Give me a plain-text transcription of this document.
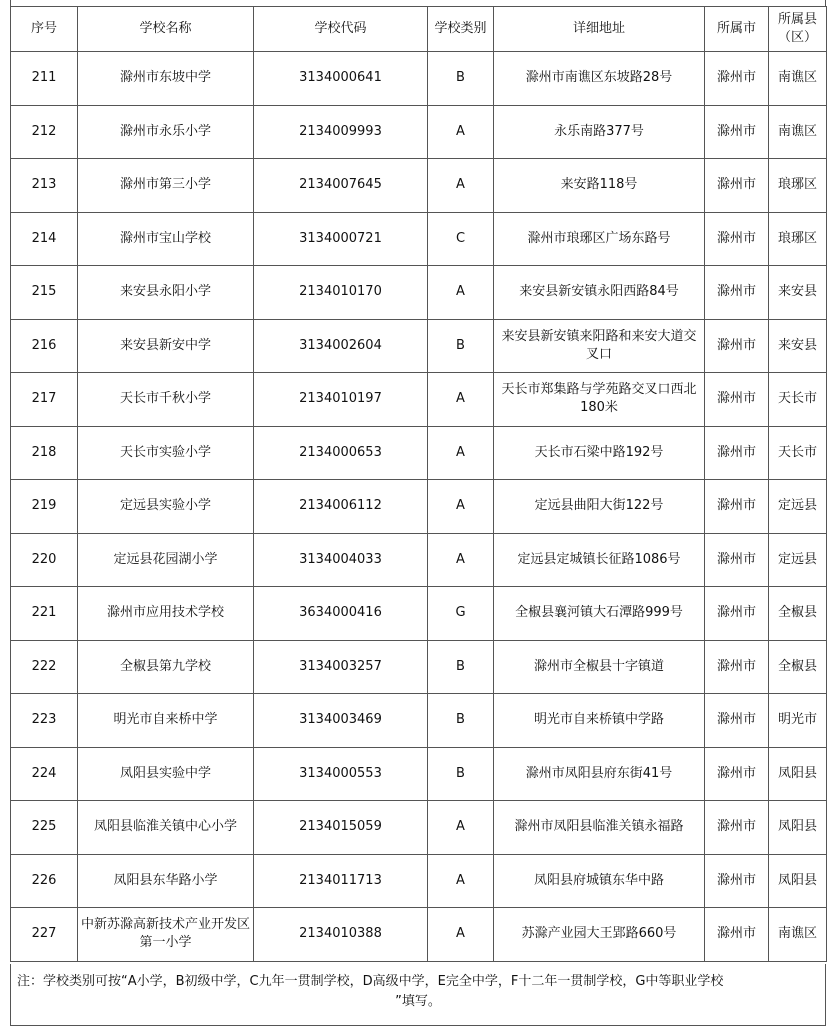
序号	学校名称	学校代码	学校类别	详细地址	所属市	所属县（区）
211	滁州市东坡中学	3134000641	B	滁州市南谯区东坡路28号	滁州市	南谯区
212	滁州市永乐小学	2134009993	A	永乐南路377号	滁州市	南谯区
213	滁州市第三小学	2134007645	A	来安路118号	滁州市	琅琊区
214	滁州市宝山学校	3134000721	C	滁州市琅琊区广场东路号	滁州市	琅琊区
215	来安县永阳小学	2134010170	A	来安县新安镇永阳西路84号	滁州市	来安县
216	来安县新安中学	3134002604	B	来安县新安镇来阳路和来安大道交叉口	滁州市	来安县
217	天长市千秋小学	2134010197	A	天长市郑集路与学苑路交叉口西北180米	滁州市	天长市
218	天长市实验小学	2134000653	A	天长市石梁中路192号	滁州市	天长市
219	定远县实验小学	2134006112	A	定远县曲阳大街122号	滁州市	定远县
220	定远县花园湖小学	3134004033	A	定远县定城镇长征路1086号	滁州市	定远县
221	滁州市应用技术学校	3634000416	G	全椒县襄河镇大石潭路999号	滁州市	全椒县
222	全椒县第九学校	3134003257	B	滁州市全椒县十字镇道	滁州市	全椒县
223	明光市自来桥中学	3134003469	B	明光市自来桥镇中学路	滁州市	明光市
224	凤阳县实验中学	3134000553	B	滁州市凤阳县府东街41号	滁州市	凤阳县
225	凤阳县临淮关镇中心小学	2134015059	A	滁州市凤阳县临淮关镇永福路	滁州市	凤阳县
226	凤阳县东华路小学	2134011713	A	凤阳县府城镇东华中路	滁州市	凤阳县
227	中新苏滁高新技术产业开发区第一小学	2134010388	A	苏滁产业园大王郢路660号	滁州市	南谯区
注：学校类别可按“A小学，B初级中学，C九年一贯制学校，D高级中学，E完全中学，F十二年一贯制学校，G中等职业学校
”填写。
